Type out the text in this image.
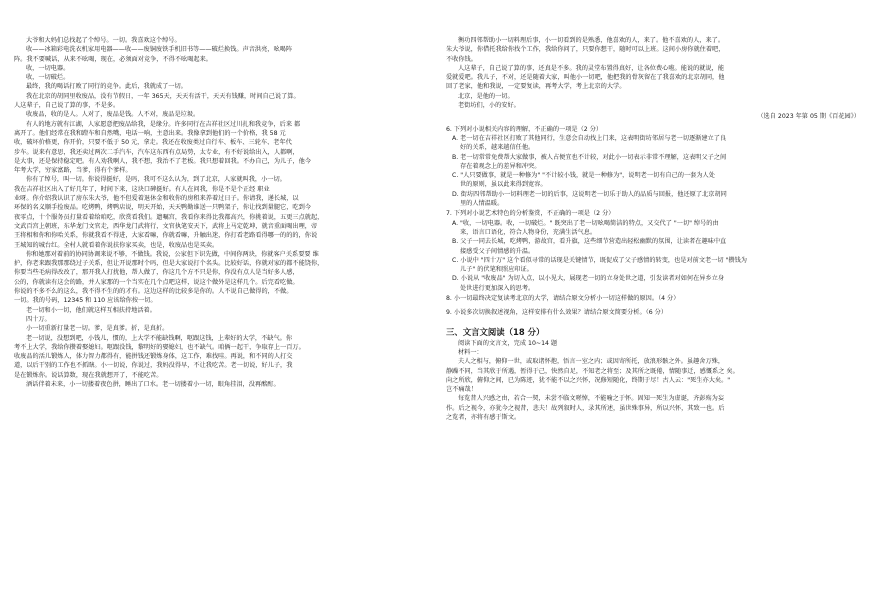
大爷和大妈们总找起了个绰号。一切。我喜欢这个绰号。

收——冰箱彩电洗衣机家用电器——收——废铜废铁手机旧书等——破烂换钱。声音洪亮，吆喝阵

阵。我不要喊话，从来不吆喝，现在，必须面对竞争，不得不吆喝起来。

收，一切电器。

收，一切破烂。

最终，我的喝话打败了同行的竞争。此后，我就成了一切。

我在北京的胡同里收废品，没有节假日，一年 365天，天天有活干，天天有钱赚，时间自己说了算。

人这辈子，自己说了算的事，不是多。

收废品，收的是人。人对了，废品是钱。人不对，废品是垃圾。

有人的地方就有江湖，人家愿意把废品给我，是缘分。许多同行在吉祥社区过川扎和我竞争，后来 都

离开了。他们经常在我和蹬车和自然嘴，电话一响，主意出来。我像拿到他们的一个价格，我 58 元

收，破坏价格更，你开价，只要不低于 50 元，拿走。我还在收废类过自行车、板车、三轮车、老年代

步车。说来有意思，我还卖过两次二手汽车，汽车这东西有点局势，太专业，有不好说给出入，人都啊，

是大事，还是保持稳定吧。有人劝我啊人，我不想，我治不了老板。我只想着回我。不办自己，为儿子，他今

年考大学，穷家富路，当爹，得有个爹样。

你有了绰号，叫一切。你说得挺好，是吗，我可不这么认为，到了北京，人家就叫我，小一切。

我在吉祥社区出入了好几年了，时间下来，这块口碑挺好。有人在问我，你是不是个正经 职业

业呀。你介绍我认识了房东朱大爷，他不但爱着退休金和收你的房租来养着过日子。你请我，递长城，以

环保的名义顺手捡废品。吃烤鸭，烤鸭店说，明天开始，天天鸭勤谁送一只鸭架子，你让找到量腿它，吃到今

夜零点，十个服务员打量看着给咱吃，欣赏看我们。遗嘱宫，我看你来得比我都高兴，你挑着说，五更三点就起，

文武百宫上朝班，东华龙门文官走，西华龙门武将行，文官执笔安天下，武将上马定乾坤，就音重面喝出哩，帝

王将相和你和你哈关系，你就我看不得进，大家看嘛，你就看嘛，升触出迷，你打看老路看得哪一的的的，你说

王城知的城台红。全村人就看着你说扶你家买卖，也是，收废品也是买卖。

你和她那对着前的协同协调来说不够，不做钱。我说，公家但下识先做，中间你两块，你就客户关系要要 维

护，你老来跟我那那绕过子关系，但让开说那时个吗，但是大家说打个名头。比较好话，你就对家的都不能饶你，

你要当些毛病得改改了，那开我人打扰他，帮人做了，你这几个方不只是你，你没有点人是当好多人感，

公的，你就读有这会的路，并人家那的一个当实在几个点吧这样，说这个做外是这样几个。后完看吃做。

你说的不多不么的这么，我不得不生的的才有。这边这样的比较多是你的。人不说自己做得的，不做。

一切。我的号码，12345 和 110 应该给你按一切。

老一切和小一切，他们就这样互相扶持地活着。

四十万。

小一切重新打量老一切。爹，是真爹。折，是真折。

老一切说，没想到吧，小钱儿，惯的，上大学不能缺钱啊，呕跟这钱，上辈好的大学，不缺气。你

考不上大学，我给你攒着娶媳妇。呕跟没钱，黎明好的娶媳妇，也不缺气。咱俩一起干，争取存上一百万。

收废品的活儿锻炼人，体力智力都得有，能拼钱还锻炼身体，这工作，难找哇。再说，和不同的人打交

道，以后干别的工作也不抓瞎。小一切说，你说过，我妈没得早，不让我吃苦。老一切说，好儿子，我

是在锻炼你。说话算数，现在我就想开了，不能吃苦。

酒话伴着未来，小一切搂着夜色拼，睡出了口水。老一切搂着小一切，眼角挂泪，没再酩酊。

衡功四邻帮助小一切料理后事，小一切看到的是熟悉，他喜欢的人，来了。他不喜欢的人，来了。

朱大爷说，你借托我给你找个工作，我给你问了，只要你想干，随时可以上班。这间小房你就住着吧，

不收你钱。

人这辈子，自己说了算的事，还真是不多。我的灵堂布置得真好，让各位费心啦。能说的就说，能

爱就爱吧。我儿子，不对，还是随着大家，叫他小一切吧，他把我的骨灰留在了我喜欢的北京胡同，他

回了老家，他和我说，一定要复读，再考大学，考上北京的大学。

北京，是他的一切。

老街坊们，小的安好。

（选自 2023 年第 05 期《百花园》）

6. 下列对小说相关内容的理解，不正确的一项是（2 分）

A. 老一切在吉祥社区打败了其他同行，生意会自动找上门来，这表明街坊邻居与老一切逐渐建立了良

好的关系，越来越信任他。

B. 老一切常常免费帮大家做事，被人占便宜也不计较，对此小一切表示非常不理解，这表明父子之间

存在着观念上的差异和冲突。

C. "人只要做事，就是一种修为" "不计较小钱，就是一种修为"，说明老一切有自己的一套为人处

世的原则，虽以此来得到宽容。

D. 街坊四邻帮助小一切料理老一切的后事，这说明老一切乐于助人的品质与回报，他还原了北京胡同

里的人情温暖。

7. 下列对小说艺术特色的分析鉴赏，不正确的一项是（2 分）

A. "收，一切电器。收，一切破烂。" 既突出了老一切吆喝简洁的特点，又交代了 "一切" 绰号的由

来，语言口语化，符合人物身份，充满生活气息。

B. 父子一同去长城，吃烤鸭，游故宫，看升旗，这些细节营造出轻松幽默的氛围，让读者在趣味中直

接感受父子间情感的升温。

C. 小说中 "四十万" 这个看似寻常的话现是关键情节，既促成了父子感情的转变，也是对前文老一切 "攒钱为

儿子" 的伏笔和照应印证。

D. 小说从 "收废品" 为切入点，以小见大，展现老一切的立身处世之道，引发读者对如何在异乡立身

处世进行更加深入的思考。

8. 小一切最终决定复读考北京的大学，请结合原文分析小一切这样做的原因。（4 分）

9. 小说多次切换叙述视角，这样安排有什么效果？请结合原文简要分析。（6 分）

三、文言文阅读（18 分）

阅读下面的文言文，完成 10~14 题

材料一：

夫人之相与，俯仰一世，或取诸怀抱，悟言一室之内；或因寄所托，放浪形骸之外。虽趣舍万殊，

静躁不同，当其欣于所遇，暂得于己，快然自足，不知老之将至；及其所之既倦，情随事迁，感慨系之 矣。

向之所欣，俯仰之间，已为陈迹，犹不能不以之兴怀，况修短随化，终期于尽！古人云："死生亦大矣。"

岂不痛哉！

每览昔人兴感之由，若合一契，未尝不临文嗟悼，不能喻之于怀。固知一死生为虚诞，齐彭殇为妄

作。后之视今，亦犹今之视昔，悲夫！故列叙时人，录其所述，虽世殊事异，所以兴怀，其致一也。后

之览者，亦将有感于斯文。
